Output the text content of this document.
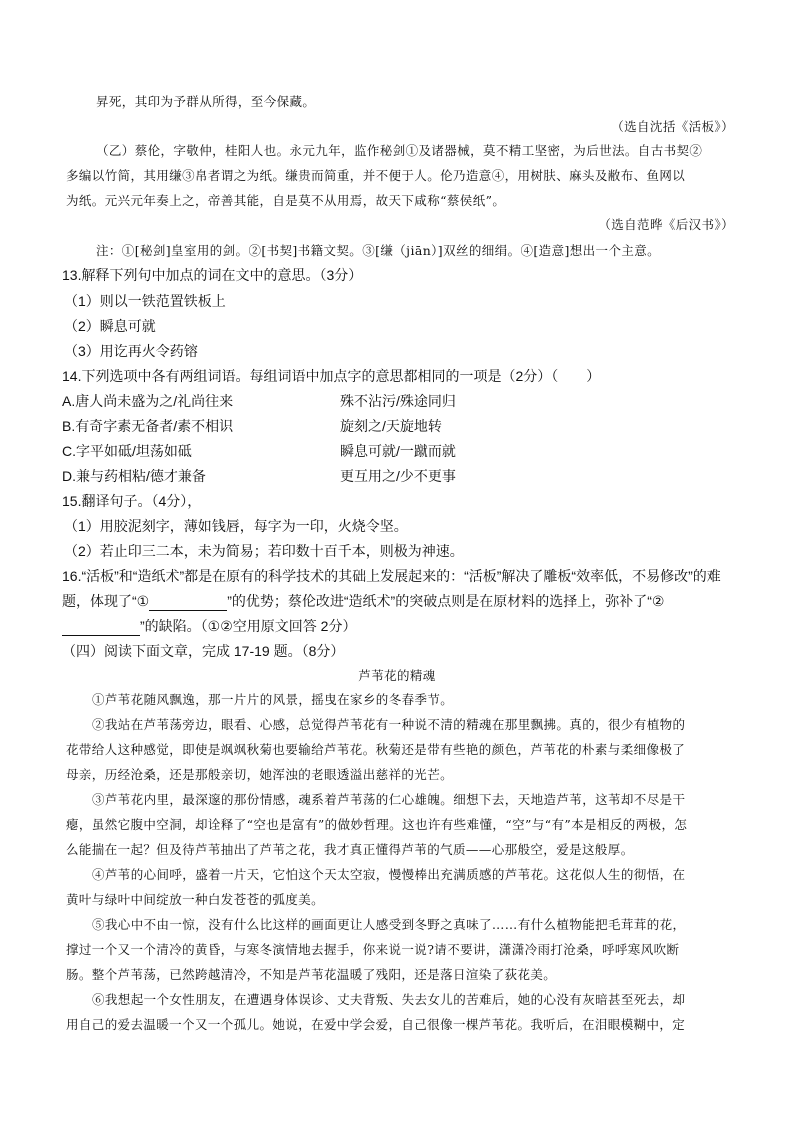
昇死，其印为予群从所得，至今保藏。
（选自沈括《活板》）
（乙）蔡伦，字敬仲，桂阳人也。永元九年，监作秘剑①及诸器械，莫不精工坚密，为后世法。自古书契②
多编以竹简，其用缣③帛者谓之为纸。缣贵而简重，并不便于人。伦乃造意④，用树肤、麻头及敝布、鱼网以
为纸。元兴元年奏上之，帝善其能，自是莫不从用焉，故天下咸称“蔡侯纸”。
（选自范晔《后汉书》）
注：①[秘剑]皇室用的剑。②[书契]书籍文契。③[缣（jiān）]双丝的细绢。④[造意]想出一个主意。
13.解释下列句中加点的词在文中的意思。（3分）
（1）则以一铁范置铁板上
（2）瞬息可就
（3）用讫再火令药镕
14.下列选项中各有两组词语。每组词语中加点字的意思都相同的一项是（2分）（　　）
A.唐人尚未盛为之/礼尚往来	殊不沾污/殊途同归
B.有奇字素无备者/素不相识	旋刻之/天旋地转
C.字平如砥/坦荡如砥	瞬息可就/一蹴而就
D.兼与药相粘/德才兼备	更互用之/少不更事
15.翻译句子。（4分），
（1）用胶泥刻字，薄如钱唇，每字为一印，火烧令坚。
（2）若止印三二本，未为简易；若印数十百千本，则极为神速。
16.“活板”和“造纸术”都是在原有的科学技术的其础上发展起来的：“活板”解决了雕板“效率低，不易修改”的难
题，体现了“①	”的优势；蔡伦改进“造纸术”的突破点则是在原材料的选择上，弥补了“②
”的缺陷。（①②空用原文回答 2分）
（四）阅读下面文章，完成 17-19 题。（8分）
芦苇花的精魂
①芦苇花随风飘逸，那一片片的风景，摇曳在家乡的冬春季节。
②我站在芦苇荡旁边，眼看、心感，总觉得芦苇花有一种说不清的精魂在那里飘拂。真的，很少有植物的
花带给人这种感觉，即使是飒飒秋菊也要输给芦苇花。秋菊还是带有些艳的颜色，芦苇花的朴素与柔细像极了
母亲，历经沧桑，还是那般亲切，她浑浊的老眼透溢出慈祥的光芒。
③芦苇花内里，最深邃的那份情感，魂系着芦苇荡的仁心雄魄。细想下去，天地造芦苇，这苇却不尽是干
瘪，虽然它腹中空洞，却诠释了“空也是富有”的做妙哲理。这也许有些难懂，“空”与“有”本是相反的两极，怎
么能揣在一起？但及待芦苇抽出了芦苇之花，我才真正懂得芦苇的气质——心那般空，爱是这般厚。
④芦苇的心间呼，盛着一片天，它怕这个天太空寂，慢慢棒出充满质感的芦苇花。这花似人生的彻悟，在
黄叶与绿叶中间绽放一种白发苍苍的弧度美。
⑤我心中不由一惊，没有什么比这样的画面更让人感受到冬野之真味了……有什么植物能把毛茸茸的花，
撑过一个又一个清冷的黄昏，与寒冬演情地去握手，你来说一说?请不要讲，潇潇冷雨打沧桑，呼呼寒风吹断
肠。整个芦苇荡，已然跨越清冷，不知是芦苇花温暖了残阳，还是落日渲染了荻花美。
⑥我想起一个女性朋友，在遭遇身体误诊、丈夫背叛、失去女儿的苦难后，她的心没有灰暗甚至死去，却
用自己的爱去温暖一个又一个孤儿。她说，在爱中学会爱，自己很像一棵芦苇花。我听后，在泪眼模糊中，定
